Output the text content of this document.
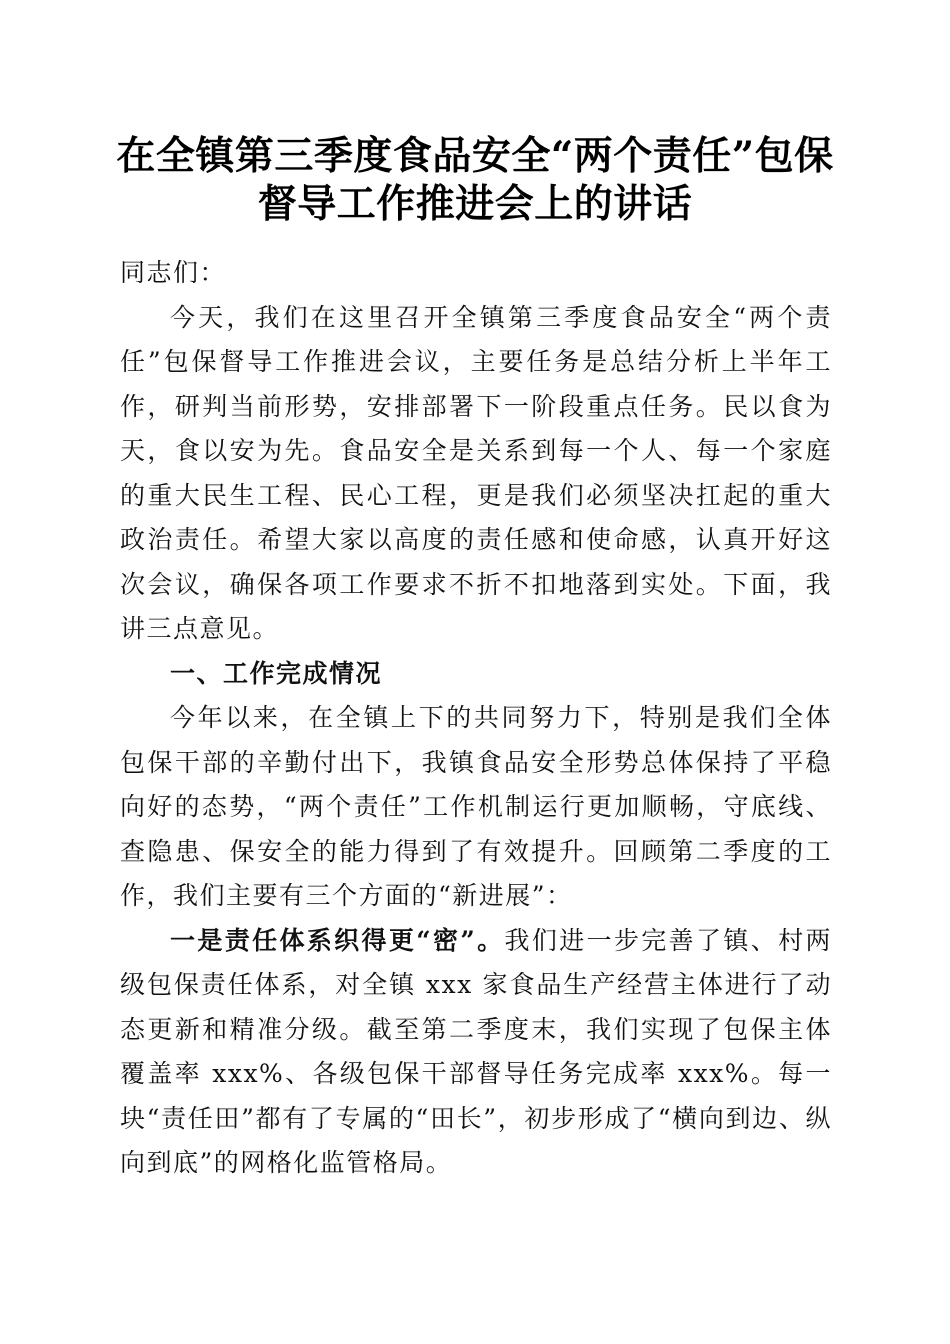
在全镇第三季度食品安全“两个责任”包保督导工作推进会上的讲话

同志们：

今天，我们在这里召开全镇第三季度食品安全“两个责任”包保督导工作推进会议，主要任务是总结分析上半年工作，研判当前形势，安排部署下一阶段重点任务。民以食为天，食以安为先。食品安全是关系到每一个人、每一个家庭的重大民生工程、民心工程，更是我们必须坚决扛起的重大政治责任。希望大家以高度的责任感和使命感，认真开好这次会议，确保各项工作要求不折不扣地落到实处。下面，我讲三点意见。

一、工作完成情况

今年以来，在全镇上下的共同努力下，特别是我们全体包保干部的辛勤付出下，我镇食品安全形势总体保持了平稳向好的态势，“两个责任”工作机制运行更加顺畅，守底线、查隐患、保安全的能力得到了有效提升。回顾第二季度的工作，我们主要有三个方面的“新进展”：

一是责任体系织得更“密”。我们进一步完善了镇、村两级包保责任体系，对全镇 xxx 家食品生产经营主体进行了动态更新和精准分级。截至第二季度末，我们实现了包保主体覆盖率 xxx%、各级包保干部督导任务完成率 xxx%。每一块“责任田”都有了专属的“田长”，初步形成了“横向到边、纵向到底”的网格化监管格局。
